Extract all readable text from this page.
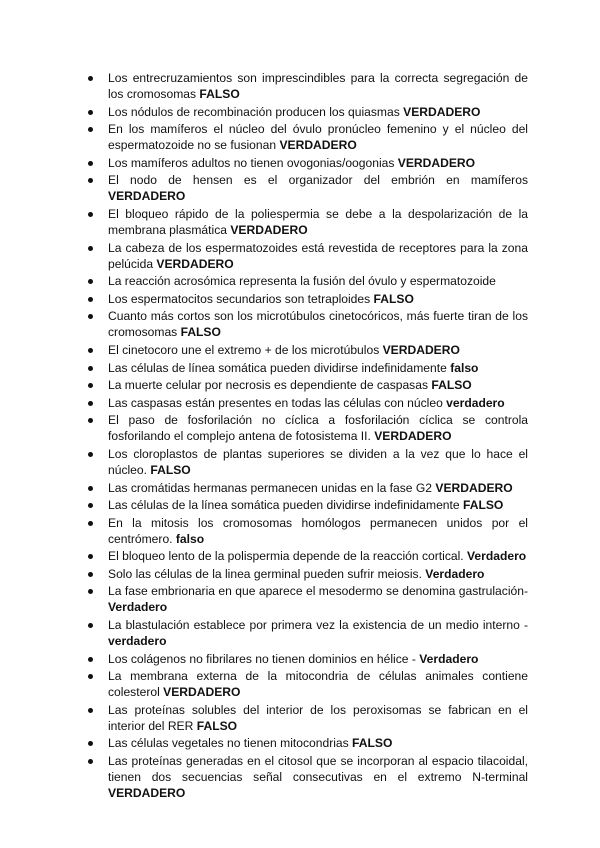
Los entrecruzamientos son imprescindibles para la correcta segregación de los cromosomas FALSO
Los nódulos de recombinación producen los quiasmas VERDADERO
En los mamíferos el núcleo del óvulo pronúcleo femenino y el núcleo del espermatozoide no se fusionan VERDADERO
Los mamíferos adultos no tienen ovogonias/oogonias VERDADERO
El nodo de hensen es el organizador del embrión en mamíferos VERDADERO
El bloqueo rápido de la poliespermia se debe a la despolarización de la membrana plasmática VERDADERO
La cabeza de los espermatozoides está revestida de receptores para la zona pelúcida VERDADERO
La reacción acrosómica representa la fusión del óvulo y espermatozoide
Los espermatocitos secundarios son tetraploides FALSO
Cuanto más cortos son los microtúbulos cinetocóricos, más fuerte tiran de los cromosomas FALSO
El cinetocoro une el extremo + de los microtúbulos VERDADERO
Las células de línea somática pueden dividirse indefinidamente falso
La muerte celular por necrosis es dependiente de caspasas FALSO
Las caspasas están presentes en todas las células con núcleo verdadero
El paso de fosforilación no cíclica a fosforilación cíclica se controla fosforilando el complejo antena de fotosistema II. VERDADERO
Los cloroplastos de plantas superiores se dividen a la vez que lo hace el núcleo. FALSO
Las cromátidas hermanas permanecen unidas en la fase G2 VERDADERO
Las células de la línea somática pueden dividirse indefinidamente FALSO
En la mitosis los cromosomas homólogos permanecen unidos por el centrómero. falso
El bloqueo lento de la polispermia depende de la reacción cortical. Verdadero
Solo las células de la linea germinal pueden sufrir meiosis. Verdadero
La fase embrionaria en que aparece el mesodermo se denomina gastrulación- Verdadero
La blastulación establece por primera vez la existencia de un medio interno - verdadero
Los colágenos no fibrilares no tienen dominios en hélice - Verdadero
La membrana externa de la mitocondria de células animales contiene colesterol VERDADERO
Las proteínas solubles del interior de los peroxisomas se fabrican en el interior del RER FALSO
Las células vegetales no tienen mitocondrias FALSO
Las proteínas generadas en el citosol que se incorporan al espacio tilacoidal, tienen dos secuencias señal consecutivas en el extremo N-terminal VERDADERO
